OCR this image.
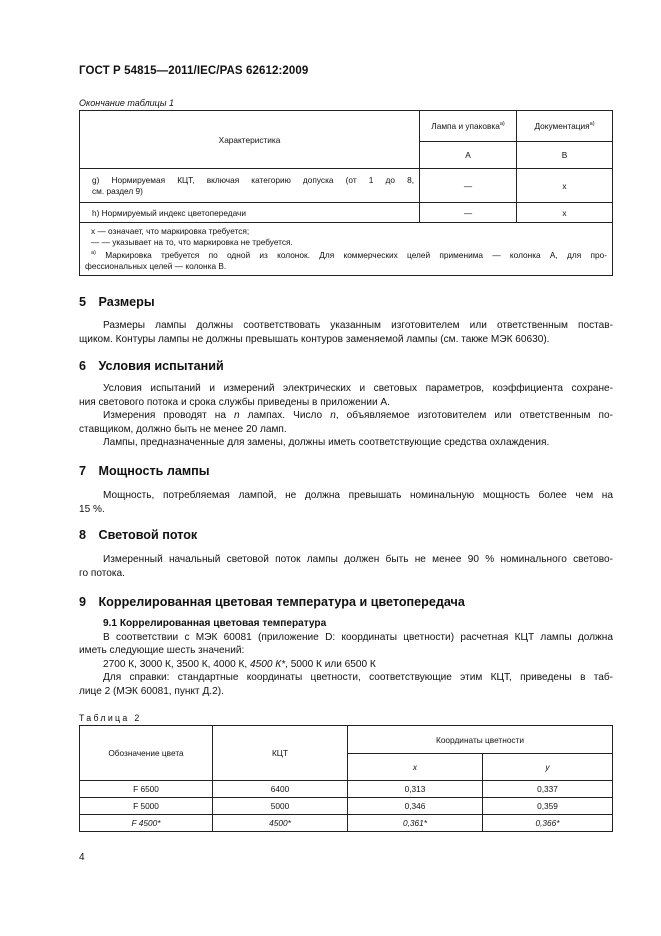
ГОСТ Р 54815—2011/IEC/PAS 62612:2009
Окончание таблицы 1
Характеристика	Лампа и упаковка$^{а)}$	Документация$^{а)}$
	А	В

g) Нормируемая КЦТ, включая категорию допуска (от 1 до 8,
см. раздел 9)	—	х
h) Нормируемый индекс цветопередачи	—	х

х — означает, что маркировка требуется;
— — указывает на то, что маркировка не требуется.
$^{а)}$ Маркировка требуется по одной из колонок. Для коммерческих целей применима — колонка А, для про-
фессиональных целей — колонка В.		
5 Размеры
Размеры лампы должны соответствовать указанным изготовителем или ответственным постав-
щиком. Контуры лампы не должны превышать контуров заменяемой лампы (см. также МЭК 60630).
6 Условия испытаний
Условия испытаний и измерений электрических и световых параметров, коэффициента сохране-
ния светового потока и срока службы приведены в приложении А.
Измерения проводят на n лампах. Число n, объявляемое изготовителем или ответственным по-
ставщиком, должно быть не менее 20 ламп.
Лампы, предназначенные для замены, должны иметь соответствующие средства охлаждения.
7 Мощность лампы
Мощность, потребляемая лампой, не должна превышать номинальную мощность более чем на
15 %.
8 Световой поток
Измеренный начальный световой поток лампы должен быть не менее 90 % номинального светово-
го потока.
9 Коррелированная цветовая температура и цветопередача
9.1 Коррелированная цветовая температура
В соответствии с МЭК 60081 (приложение D: координаты цветности) расчетная КЦТ лампы должна
иметь следующие шесть значений:
2700 К, 3000 К, 3500 К, 4000 К, 4500 К*, 5000 К или 6500 К
Для справки: стандартные координаты цветности, соответствующие этим КЦТ, приведены в таб-
лице 2 (МЭК 60081, пункт Д.2).
Таблица 2
Обозначение цвета	КЦТ	Координаты цветности	
		x	y
F 6500	6400	0,313	0,337
F 5000	5000	0,346	0,359
F 4500*	4500*	0,361*	0,366*
4
